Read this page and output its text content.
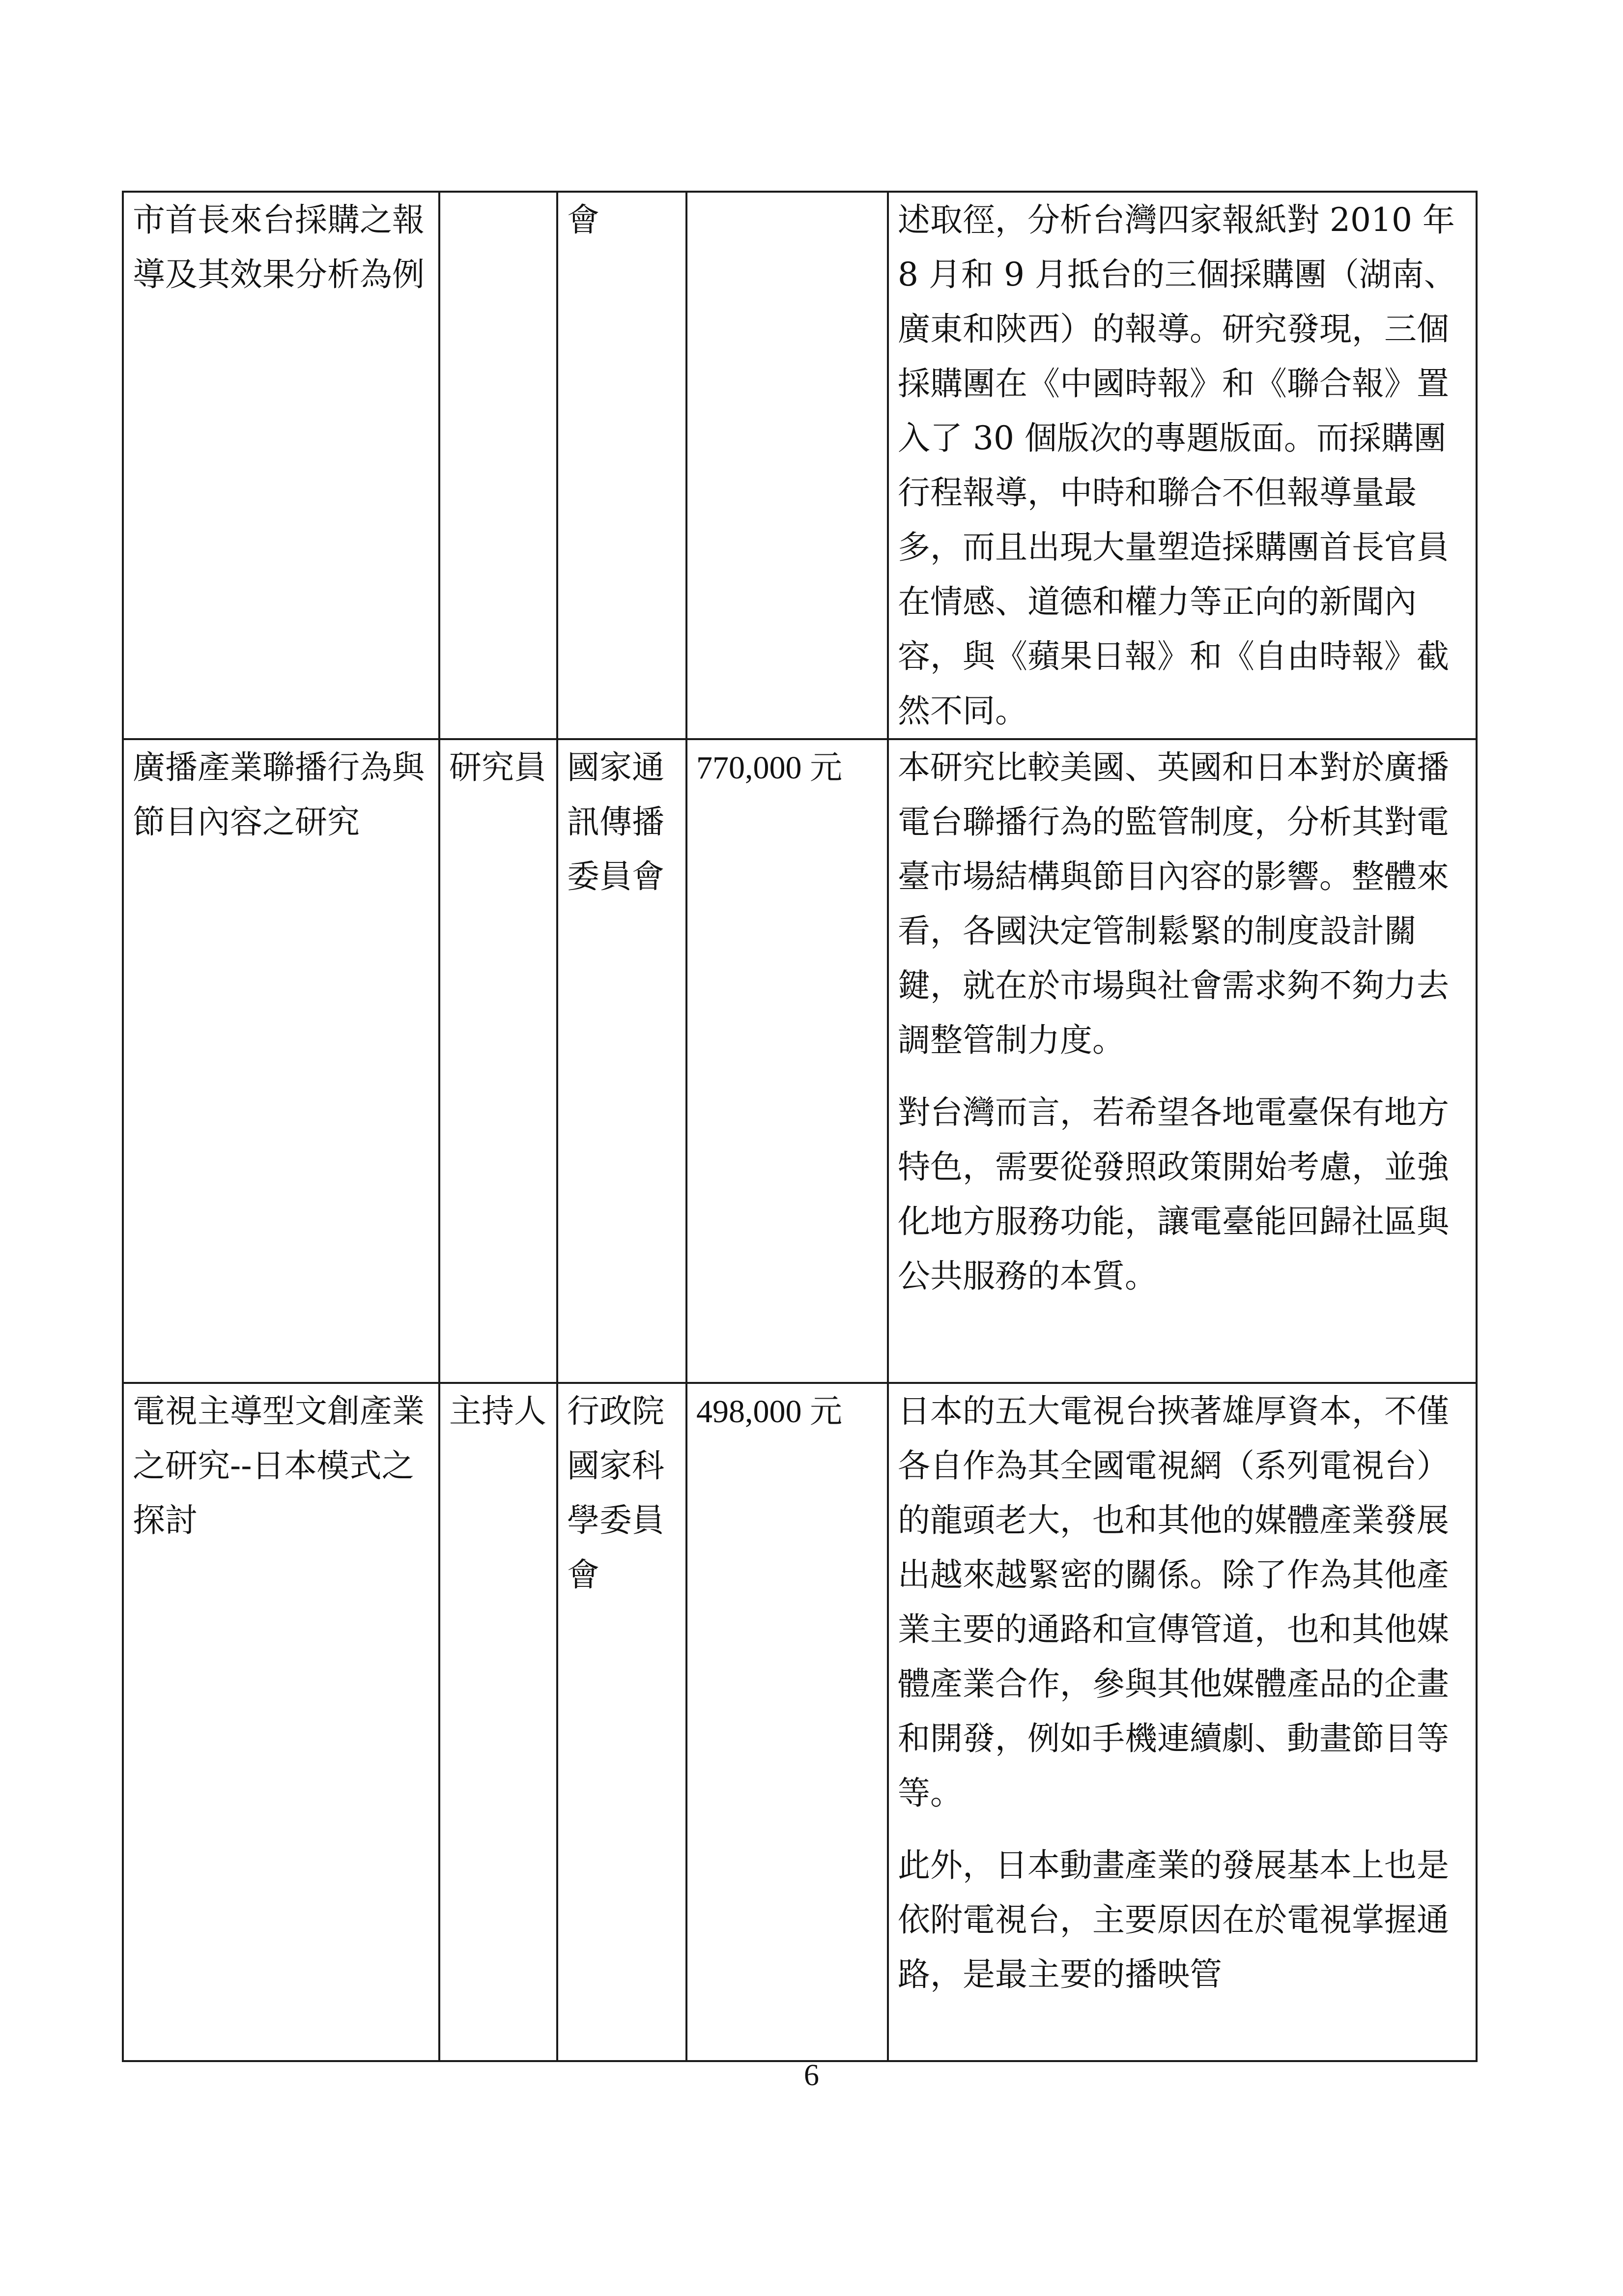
市首長來台採購之報導及其效果分析為例		會		述取徑，分析台灣四家報紙對 2010 年 8 月和 9 月抵台的三個採購團（湖南、廣東和陝西）的報導。研究發現，三個採購團在《中國時報》和《聯合報》置入了 30 個版次的專題版面。而採購團行程報導，中時和聯合不但報導量最多，而且出現大量塑造採購團首長官員在情感、道德和權力等正向的新聞內容，與《蘋果日報》和《自由時報》截然不同。

廣播產業聯播行為與節目內容之研究	研究員	國家通訊傳播委員會	770,000 元	本研究比較美國、英國和日本對於廣播電台聯播行為的監管制度，分析其對電臺市場結構與節目內容的影響。整體來看，各國決定管制鬆緊的制度設計關鍵，就在於市場與社會需求夠不夠力去調整管制力度。

對台灣而言，若希望各地電臺保有地方特色，需要從發照政策開始考慮，並強化地方服務功能，讓電臺能回歸社區與公共服務的本質。

電視主導型文創產業之研究--日本模式之探討	主持人	行政院國家科學委員會	498,000 元	日本的五大電視台挾著雄厚資本，不僅各自作為其全國電視網（系列電視台）的龍頭老大，也和其他的媒體產業發展出越來越緊密的關係。除了作為其他產業主要的通路和宣傳管道，也和其他媒體產業合作，參與其他媒體產品的企畫和開發，例如手機連續劇、動畫節目等等。

此外，日本動畫產業的發展基本上也是依附電視台，主要原因在於電視掌握通路，是最主要的播映管

6
